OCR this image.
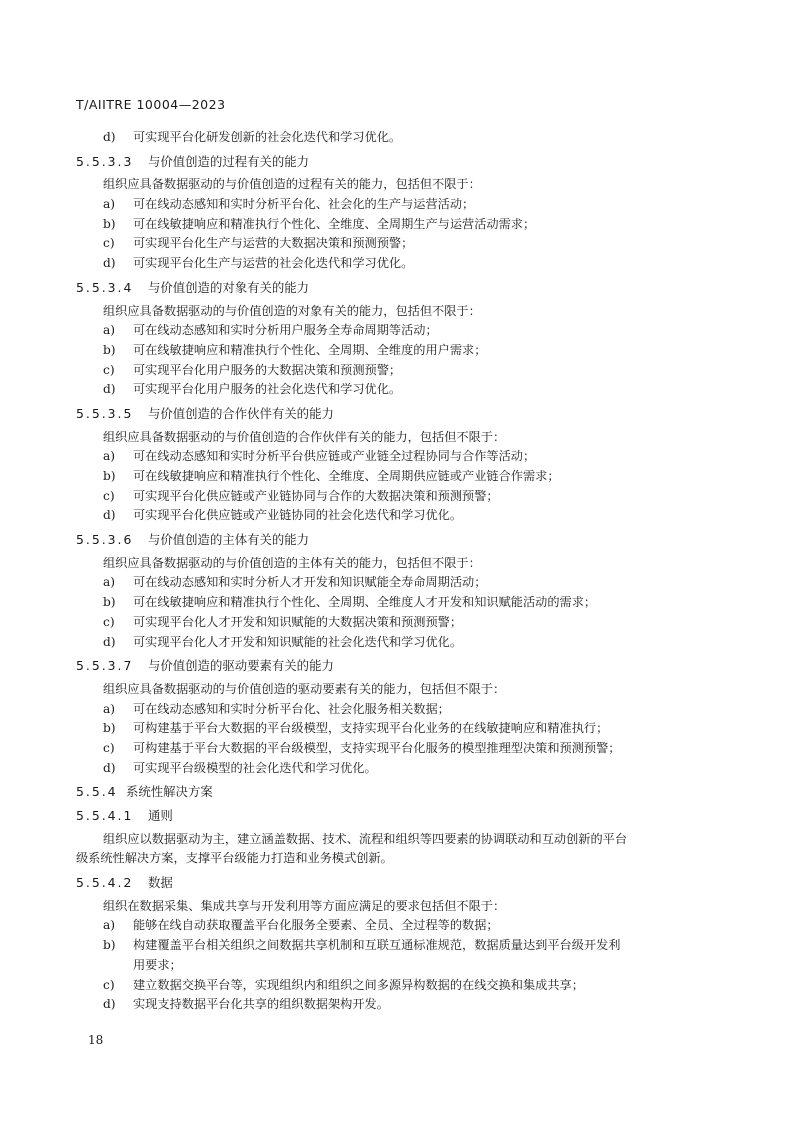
T/AIITRE 10004—2023
d)	可实现平台化研发创新的社会化迭代和学习优化。
5.5.3.3 与价值创造的过程有关的能力
组织应具备数据驱动的与价值创造的过程有关的能力，包括但不限于：
a)	可在线动态感知和实时分析平台化、社会化的生产与运营活动；
b)	可在线敏捷响应和精准执行个性化、全维度、全周期生产与运营活动需求；
c)	可实现平台化生产与运营的大数据决策和预测预警；
d)	可实现平台化生产与运营的社会化迭代和学习优化。
5.5.3.4 与价值创造的对象有关的能力
组织应具备数据驱动的与价值创造的对象有关的能力，包括但不限于：
a)	可在线动态感知和实时分析用户服务全寿命周期等活动；
b)	可在线敏捷响应和精准执行个性化、全周期、全维度的用户需求；
c)	可实现平台化用户服务的大数据决策和预测预警；
d)	可实现平台化用户服务的社会化迭代和学习优化。
5.5.3.5 与价值创造的合作伙伴有关的能力
组织应具备数据驱动的与价值创造的合作伙伴有关的能力，包括但不限于：
a)	可在线动态感知和实时分析平台供应链或产业链全过程协同与合作等活动；
b)	可在线敏捷响应和精准执行个性化、全维度、全周期供应链或产业链合作需求；
c)	可实现平台化供应链或产业链协同与合作的大数据决策和预测预警；
d)	可实现平台化供应链或产业链协同的社会化迭代和学习优化。
5.5.3.6 与价值创造的主体有关的能力
组织应具备数据驱动的与价值创造的主体有关的能力，包括但不限于：
a)	可在线动态感知和实时分析人才开发和知识赋能全寿命周期活动；
b)	可在线敏捷响应和精准执行个性化、全周期、全维度人才开发和知识赋能活动的需求；
c)	可实现平台化人才开发和知识赋能的大数据决策和预测预警；
d)	可实现平台化人才开发和知识赋能的社会化迭代和学习优化。
5.5.3.7 与价值创造的驱动要素有关的能力
组织应具备数据驱动的与价值创造的驱动要素有关的能力，包括但不限于：
a)	可在线动态感知和实时分析平台化、社会化服务相关数据；
b)	可构建基于平台大数据的平台级模型，支持实现平台化业务的在线敏捷响应和精准执行；
c)	可构建基于平台大数据的平台级模型，支持实现平台化服务的模型推理型决策和预测预警；
d)	可实现平台级模型的社会化迭代和学习优化。
5.5.4 系统性解决方案
5.5.4.1 通则
组织应以数据驱动为主，建立涵盖数据、技术、流程和组织等四要素的协调联动和互动创新的平台
级系统性解决方案，支撑平台级能力打造和业务模式创新。
5.5.4.2 数据
组织在数据采集、集成共享与开发利用等方面应满足的要求包括但不限于：
a)	能够在线自动获取覆盖平台化服务全要素、全员、全过程等的数据；
b)	构建覆盖平台相关组织之间数据共享机制和互联互通标准规范，数据质量达到平台级开发利
用要求；
c)	建立数据交换平台等，实现组织内和组织之间多源异构数据的在线交换和集成共享；
d)	实现支持数据平台化共享的组织数据架构开发。
18
